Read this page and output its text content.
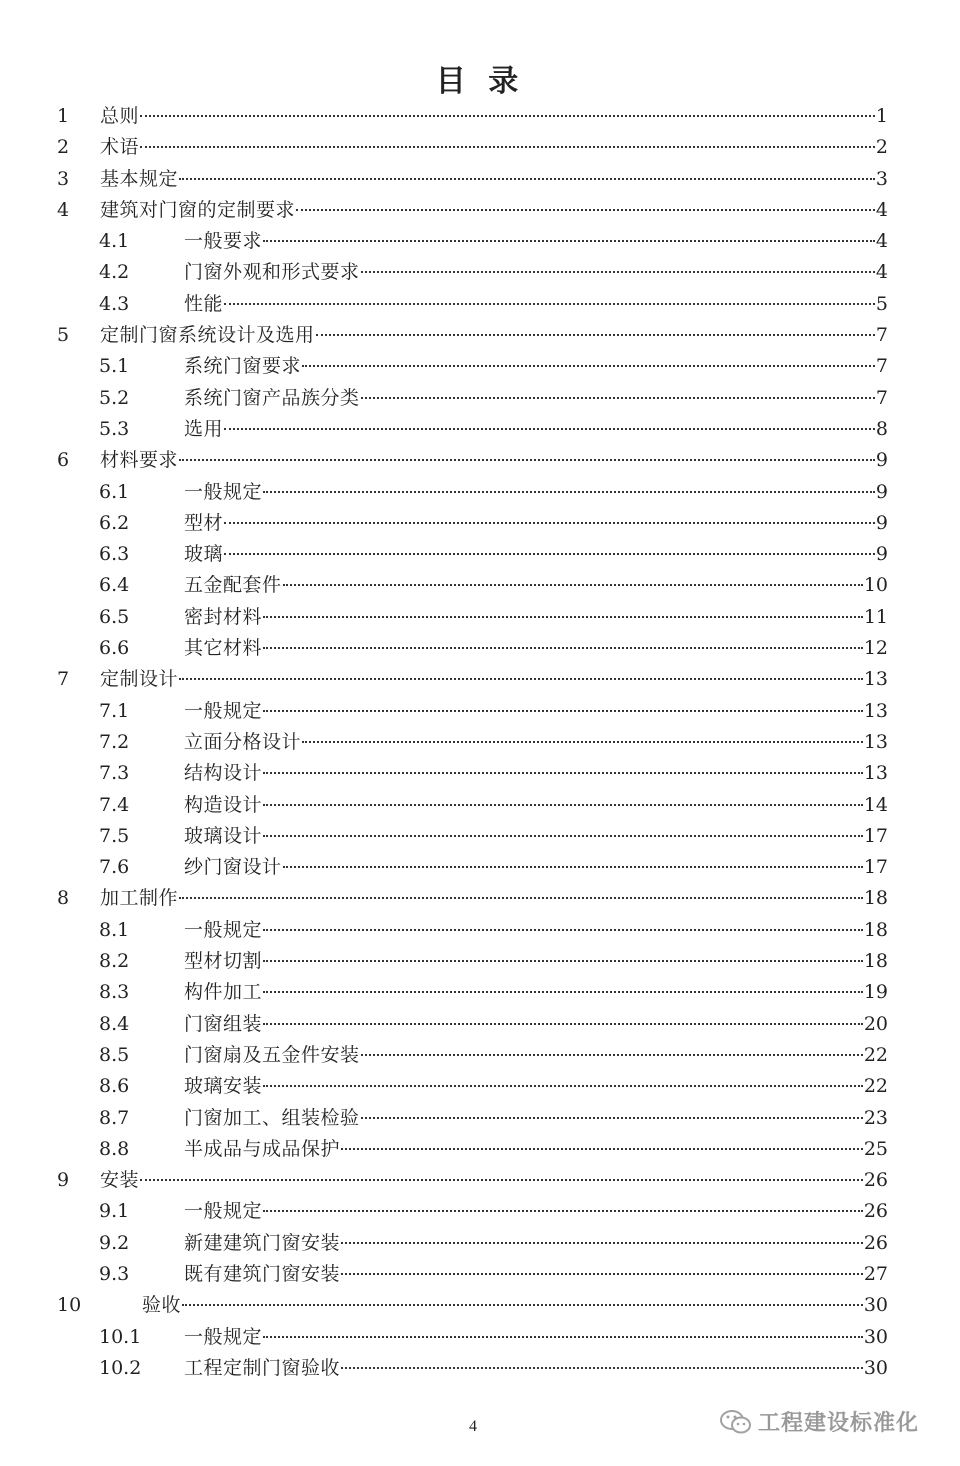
目 录
1 总则	1
2 术语	2
3 基本规定	3
4 建筑对门窗的定制要求	4
4.1	一般要求	4
4.2	门窗外观和形式要求	4
4.3	性能	5
5 定制门窗系统设计及选用	7
5.1	系统门窗要求	7
5.2	系统门窗产品族分类	7
5.3	选用	8
6 材料要求	9
6.1	一般规定	9
6.2	型材	9
6.3	玻璃	9
6.4	五金配套件	10
6.5	密封材料	11
6.6	其它材料	12
7 定制设计	13
7.1	一般规定	13
7.2	立面分格设计	13
7.3	结构设计	13
7.4	构造设计	14
7.5	玻璃设计	17
7.6	纱门窗设计	17
8 加工制作	18
8.1	一般规定	18
8.2	型材切割	18
8.3	构件加工	19
8.4	门窗组装	20
8.5	门窗扇及五金件安装	22
8.6	玻璃安装	22
8.7	门窗加工、组装检验	23
8.8	半成品与成品保护	25
9 安装	26
9.1	一般规定	26
9.2	新建建筑门窗安装	26
9.3	既有建筑门窗安装	27
10	验收	30
10.1 一般规定	30
10.2 工程定制门窗验收	30
4	工程建设标准化
